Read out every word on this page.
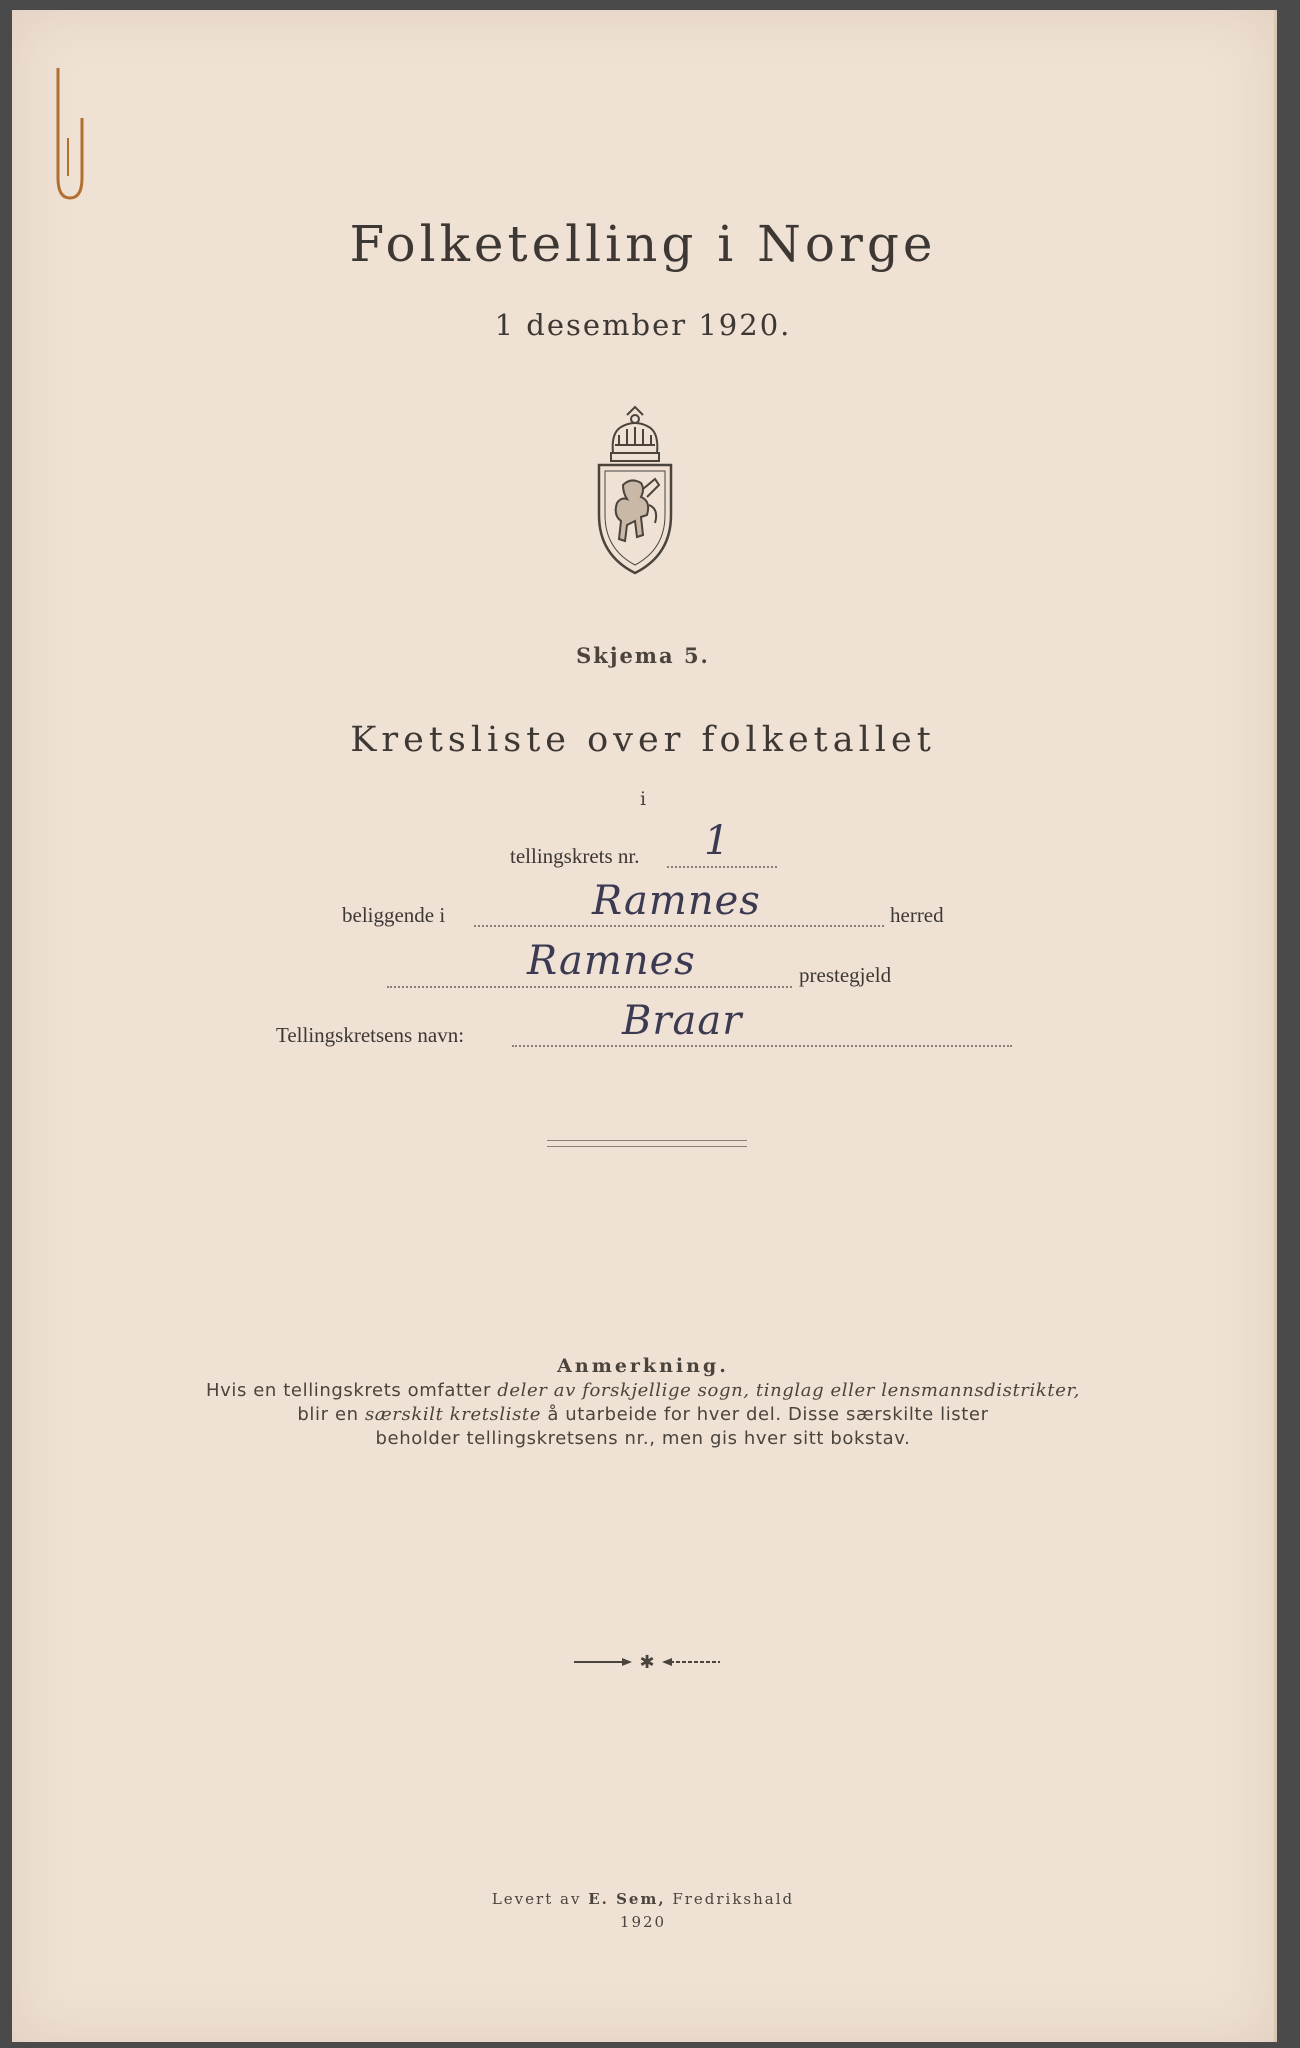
Folketelling i Norge
1 desember 1920.
Skjema 5.
Kretsliste over folketallet
i
tellingskrets nr. 1
beliggende i	Ramnes	herred
Ramnes	prestegjeld
Tellingskretsens navn:	Braar
Anmerkning.
Hvis en tellingskrets omfatter deler av forskjellige sogn, tinglag eller lensmannsdistrikter,
blir en særskilt kretsliste å utarbeide for hver del. Disse særskilte lister
beholder tellingskretsens nr., men gis hver sitt bokstav.
✱
Levert av E. Sem, Fredrikshald
1920
